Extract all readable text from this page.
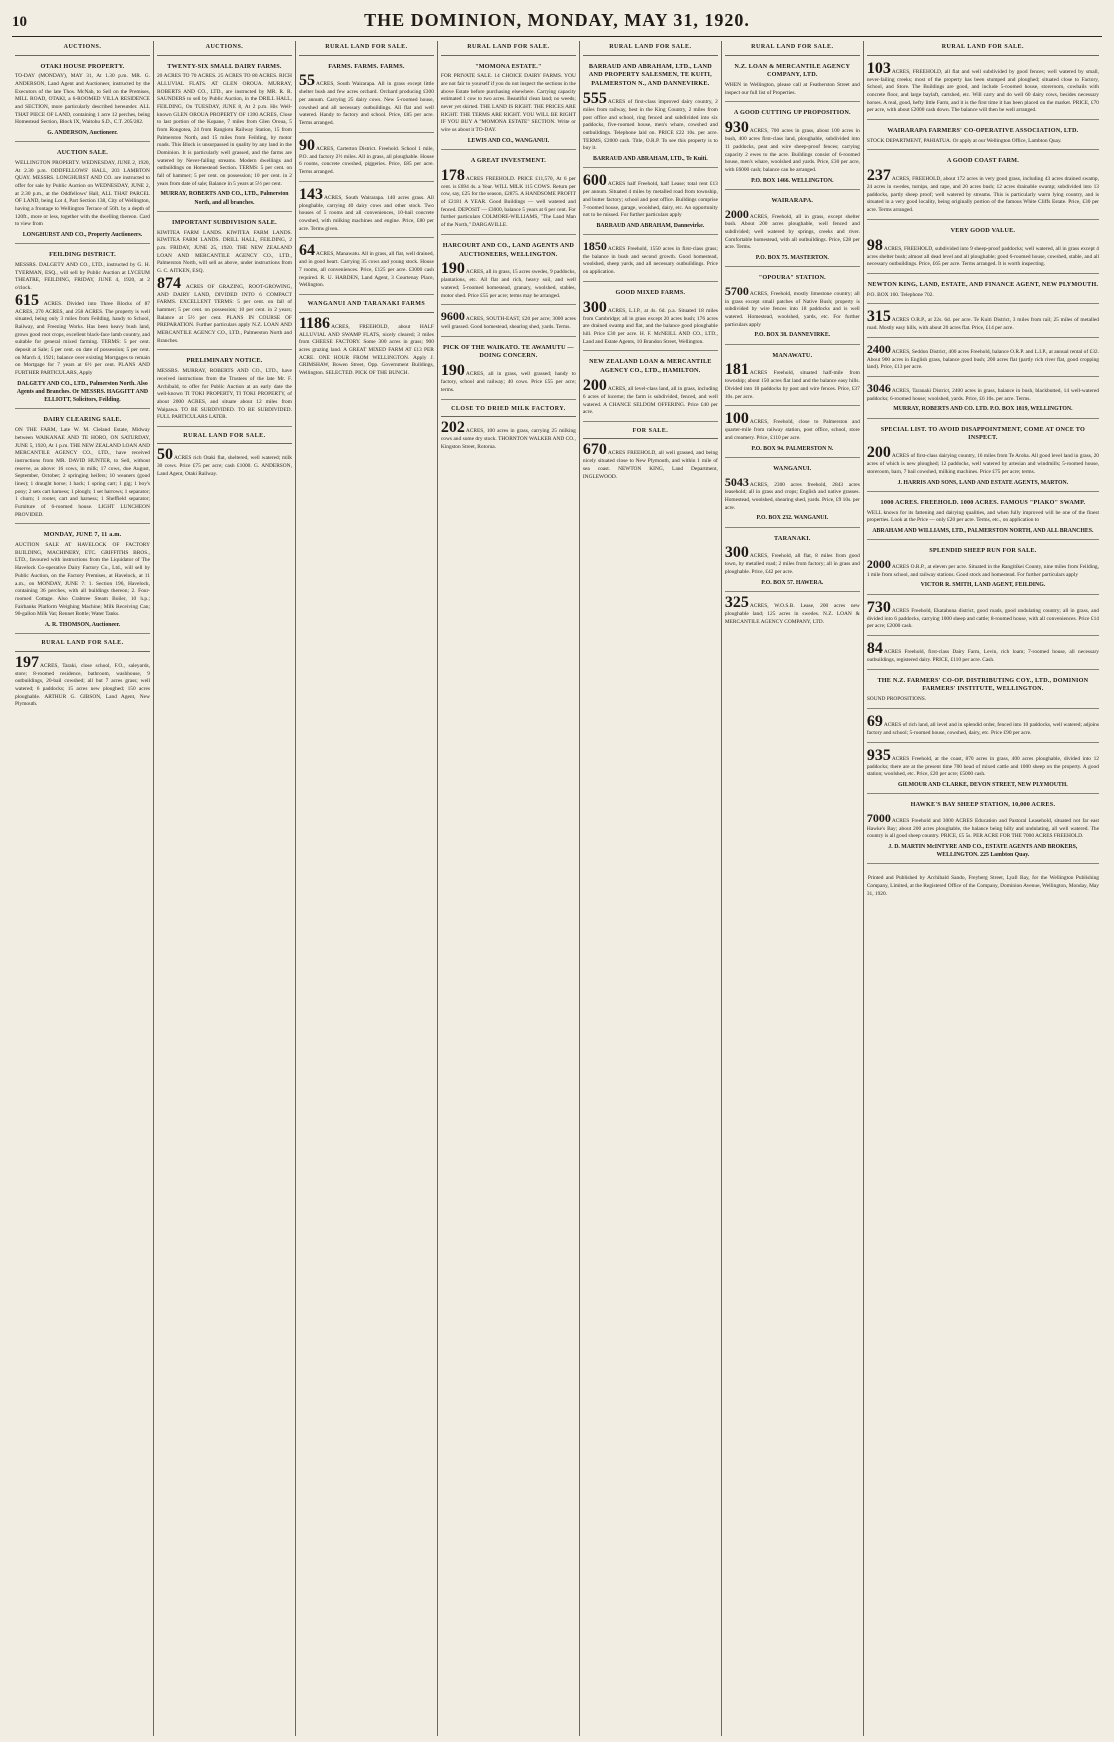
10	THE DOMINION, MONDAY, MAY 31, 1920.
AUCTIONS.
OTAKI HOUSE PROPERTY.

TO-DAY (MONDAY), MAY 31, At 1.30 p.m. MR. G. ANDERSON, Land Agent and Auctioneer, instructed by the Executors of the late Thos. McNab, to Sell on the Premises, MILL ROAD, OTAKI, a 6-ROOMED VILLA RESIDENCE and SECTION, more particularly described hereunder. ALL THAT PIECE OF LAND, containing 1 acre 12 perches, being Homestead Section, Block IX, Waitohu S.D., C.T. 205/282.

G. ANDERSON, Auctioneer.
AUCTION SALE.

WELLINGTON PROPERTY. WEDNESDAY, JUNE 2, 1920, At 2.30 p.m. ODDFELLOWS' HALL, 203 LAMBTON QUAY. MESSRS. LONGHURST AND CO. are instructed to offer for sale by Public Auction on WEDNESDAY, JUNE 2, at 2.30 p.m., at the Oddfellows' Hall, ALL THAT PARCEL OF LAND, being Lot 4, Part Section 138, City of Wellington, having a frontage to Wellington Terrace of 56ft. by a depth of 120ft., more or less, together with the dwelling thereon. Card to view from

LONGHURST AND CO., Property Auctioneers.
FEILDING DISTRICT.

MESSRS. DALGETY AND CO., LTD., instructed by G. H. TYERMAN, ESQ., will sell by Public Auction at LYCEUM THEATRE, FEILDING, FRIDAY, JUNE 4, 1920, at 2 o'clock.

615 ACRES. Divided into Three Blocks of 87 ACRES, 270 ACRES, and 258 ACRES. The property is well situated, being only 3 miles from Feilding, handy to School, Railway, and Freezing Works. Has been heavy bush land, grows good root crops, excellent black-face lamb country, and suitable for general mixed farming. TERMS: 5 per cent. deposit at Sale; 5 per cent. on date of possession; 5 per cent. on March 4, 1921; balance over existing Mortgages to remain on Mortgage for 7 years at 6½ per cent. PLANS AND FURTHER PARTICULARS, Apply

DALGETY AND CO., LTD., Palmerston North. Also Agents and Branches. Or MESSRS. HAGGITT AND ELLIOTT, Solicitors, Feilding.
DAIRY CLEARING SALE.

ON THE FARM, Late W. M. Cleland Estate, Midway between WAIKANAE AND TE HORO, ON SATURDAY, JUNE 5, 1920, At 1 p.m. THE NEW ZEALAND LOAN AND MERCANTILE AGENCY CO., LTD., have received instructions from MR. DAVID HUNTER, to Sell, without reserve, as above: 16 cows, in milk; 17 cows, due August, September, October; 2 springing heifers; 10 weaners (good lines); 1 draught horse; 1 hack; 1 spring cart; 1 gig; 1 boy's pony; 2 sets cart harness; 1 plough; 1 set harrows; 1 separator; 1 churn; 1 rooter, cart and harness; 1 Sheffield separator; Furniture of 6-roomed house. LIGHT LUNCHEON PROVIDED.

MONDAY, JUNE 7, 11 a.m.

AUCTION SALE AT HAVELOCK OF FACTORY BUILDING, MACHINERY, ETC. GRIFFITHS BROS., LTD., favoured with instructions from the Liquidator of The Havelock Co-operative Dairy Factory Co., Ltd., will sell by Public Auction, on the Factory Premises, at Havelock, at 11 a.m., on MONDAY, JUNE 7: 1. Section 196, Havelock, containing 36 perches, with all buildings thereon; 2. Four-roomed Cottage. Also Crabtree Steam Boiler, 10 h.p.; Fairbanks Platform Weighing Machine; Milk Receiving Can; 90-gallon Milk Vat; Rennet Bottle; Water Tanks.

A. R. THOMSON, Auctioneer.
RURAL LAND FOR SALE.

197ACRES, Taraki, close school, F.O., saleyards, store; 8-roomed residence, bathroom, washhouse, 9 outbuildings, 20-bail cowshed; all but 7 acres grass; well watered; 6 paddocks; 15 acres new ploughed; 150 acres ploughable. ARTHUR G. GIBSON, Land Agent, New Plymouth.

AUCTIONS.
TWENTY-SIX SMALL DAIRY FARMS.

20 ACRES TO 70 ACRES. 25 ACRES TO 80 ACRES. RICH ALLUVIAL FLATS. AT GLEN OROUA. MURRAY, ROBERTS AND CO., LTD., are instructed by MR. R. R. SAUNDERS to sell by Public Auction, in the DRILL HALL, FEILDING, On TUESDAY, JUNE 8, At 2 p.m. His Well-known GLEN OROUA PROPERTY OF 1390 ACRES, Close to last portion of the Kopane, 7 miles from Glen Oroua, 5 from Rongotea, 24 from Rangiotu Railway Station, 15 from Palmerston North, and 15 miles from Feilding, by motor roads. This Block is unsurpassed in quality by any land in the Dominion. It is particularly well grassed, and the farms are watered by Never-failing streams. Modern dwellings and outbuildings on Homestead Section. TERMS: 5 per cent. on fall of hammer; 5 per cent. on possession; 10 per cent. in 2 years from date of sale; Balance in 5 years at 5½ per cent.

MURRAY, ROBERTS AND CO., LTD., Palmerston North, and all branches.
IMPORTANT SUBDIVISION SALE.

KIWITEA FARM LANDS. KIWITEA FARM LANDS. KIWITEA FARM LANDS. DRILL HALL, FEILDING, 2 p.m. FRIDAY, JUNE 25, 1920. THE NEW ZEALAND LOAN AND MERCANTILE AGENCY CO., LTD., Palmerston North, will sell as above, under instructions from G. C. AITKEN, ESQ.

874 ACRES OF GRAZING, ROOT-GROWING, AND DAIRY LAND, DIVIDED INTO 6 COMPACT FARMS. EXCELLENT TERMS: 5 per cent. on fall of hammer; 5 per cent. on possession; 10 per cent. in 2 years; Balance at 5½ per cent. PLANS IN COURSE OF PREPARATION. Further particulars apply N.Z. LOAN AND MERCANTILE AGENCY CO., LTD., Palmerston North and Branches.

PRELIMINARY NOTICE.

MESSRS. MURRAY, ROBERTS AND CO., LTD., have received instructions from the Trustees of the late Mr. F. Archibald, to offer for Public Auction at an early date the well-known TI TOKI PROPERTY, TI TOKI PROPERTY, of about 2000 ACRES, and situate about 12 miles from Waipawa. TO BE SUBDIVIDED. TO BE SUBDIVIDED. FULL PARTICULARS LATER.

RURAL LAND FOR SALE.

50ACRES rich Otaki flat, sheltered, well watered; milk 30 cows. Price £75 per acre; cash £1000. G. ANDERSON, Land Agent, Otaki Railway.

RURAL LAND FOR SALE.
FARMS. FARMS. FARMS.

55ACRES, South Wairarapa. All in grass except little shelter bush and few acres orchard. Orchard producing £300 per annum. Carrying 25 dairy cows. New 5-roomed house, cowshed and all necessary outbuildings. All flat and well watered. Handy to factory and school. Price, £85 per acre. Terms arranged.

90ACRES, Carterton District. Freehold. School 1 mile, P.O. and factory 2½ miles. All in grass, all ploughable. House 6 rooms, concrete cowshed, piggeries. Price, £85 per acre. Terms arranged.

143ACRES, South Wairarapa. 140 acres grass. All ploughable, carrying 40 dairy cows and other stock. Two houses of 5 rooms and all conveniences, 10-bail concrete cowshed, with milking machines and engine. Price, £80 per acre. Terms given.

64ACRES, Manawatu. All in grass, all flat, well drained, and in good heart. Carrying 35 cows and young stock. House 7 rooms, all conveniences. Price, £125 per acre. £3000 cash required. R. U. HARDEN, Land Agent, 3 Courtenay Place, Wellington.

WANGANUI AND TARANAKI FARMS

1186ACRES, FREEHOLD, about HALF ALLUVIAL AND SWAMP FLATS, nicely cleared; 3 miles from CHEESE FACTORY. Some 300 acres in grass; 900 acres grazing land. A GREAT MIXED FARM AT £13 PER ACRE. ONE HOUR FROM WELLINGTON. Apply J. GRIMSHAW, Bowen Street, Opp. Government Buildings, Wellington. SELECTED. PICK OF THE BUNCH.

RURAL LAND FOR SALE.
"MOMONA ESTATE."

FOR PRIVATE SALE. 14 CHOICE DAIRY FARMS. YOU are not fair to yourself if you do not inspect the sections in the above Estate before purchasing elsewhere. Carrying capacity estimated 1 cow to two acres. Beautiful clean land; no weeds; never yet skirted. THE LAND IS RIGHT. THE PRICES ARE RIGHT. THE TERMS ARE RIGHT. YOU WILL BE RIGHT IF YOU BUY A "MOMONA ESTATE" SECTION. Write or wire us about it TO-DAY.

LEWIS AND CO., WANGANUI.
A GREAT INVESTMENT.

178ACRES FREEHOLD. PRICE £11,570, At 6 per cent. is £694 4s. a Year. WILL MILK 115 COWS. Return per cow, say, £25 for the season, £2875. A HANDSOME PROFIT of £2181 A YEAR. Good Buildings — well watered and fenced. DEPOSIT — £3000, balance 5 years at 6 per cent. For further particulars COLMORE-WILLIAMS, "The Land Man of the North," DARGAVILLE.

HARCOURT AND CO., LAND AGENTS AND AUCTIONEERS, WELLINGTON.

190ACRES, all in grass, 15 acres swedes, 9 paddocks, plantations, etc. All flat and rich, heavy soil, and well watered; 5-roomed homestead, granary, woolshed, stables, motor shed. Price £55 per acre; terms may be arranged.

9600ACRES, SOUTH-EAST, £20 per acre; 3000 acres well grassed. Good homestead, shearing shed, yards. Terms.

PICK OF THE WAIKATO. TE AWAMUTU — DOING CONCERN.

190ACRES, all in grass, well grassed; handy to factory, school and railway; 40 cows. Price £55 per acre; terms.

CLOSE TO DRIED MILK FACTORY.

202ACRES, 100 acres in grass, carrying 25 milking cows and some dry stock. THORNTON WALKER AND CO., Kingston Street, Rotorua.

RURAL LAND FOR SALE.
BARRAUD AND ABRAHAM, LTD., LAND AND PROPERTY SALESMEN, TE KUITI, PALMERSTON N., AND DANNEVIRKE.

555ACRES of first-class improved dairy country, 2 miles from railway, best in the King Country, 2 miles from post office and school, ring fenced and subdivided into six paddocks, five-roomed house, men's whare, cowshed and outbuildings. Telephone laid on. PRICE £22 10s. per acre. TERMS, £2000 cash. Title, O.R.P. To see this property is to buy it.

BARRAUD AND ABRAHAM, LTD., Te Kuiti.

600ACRES half Freehold, half Lease; total rent £13 per annum. Situated 4 miles by metalled road from township, and butter factory; school and post office. Buildings comprise 7-roomed house, garage, woolshed, dairy, etc. An opportunity not to be missed. For further particulars apply

BARRAUD AND ABRAHAM, Dannevirke.

1850ACRES Freehold, 1550 acres in first-class grass; the balance in bush and second growth. Good homestead, woolshed, sheep yards, and all necessary outbuildings. Price on application.

GOOD MIXED FARMS.

300ACRES, L.I.P., at 4s. 6d. p.a. Situated 18 miles from Cambridge; all in grass except 20 acres bush; 176 acres are drained swamp and flat, and the balance good ploughable hill. Price £30 per acre. H. F. McNEILL AND CO., LTD., Land and Estate Agents, 10 Brandon Street, Wellington.

NEW ZEALAND LOAN & MERCANTILE AGENCY CO., LTD., HAMILTON.

200ACRES, all level-class land, all in grass, including 6 acres of lucerne; the farm is subdivided, fenced, and well watered. A CHANCE SELDOM OFFERING. Price £40 per acre.

FOR SALE.

670ACRES FREEHOLD, all well grassed, and being nicely situated close to New Plymouth, and within 1 mile of sea coast. NEWTON KING, Land Department, INGLEWOOD.

RURAL LAND FOR SALE.
N.Z. LOAN & MERCANTILE AGENCY COMPANY, LTD.

WHEN in Wellington, please call at Featherston Street and inspect our full list of Properties.

A GOOD CUTTING UP PROPOSITION.

930ACRES, 700 acres in grass, about 100 acres in bush, 400 acres first-class land, ploughable, subdivided into 11 paddocks, peat and wire sheep-proof fences; carrying capacity 2 ewes to the acre. Buildings consist of 6-roomed house, men's whare, woolshed and yards. Price, £30 per acre, with £6000 cash; balance can be arranged.

P.O. BOX 1466. WELLINGTON.
WAIRARAPA.

2000ACRES, Freehold, all in grass, except shelter bush. About 200 acres ploughable, well fenced and subdivided; well watered by springs, creeks and river. Comfortable homestead, with all outbuildings. Price, £28 per acre. Terms.

P.O. BOX 75. MASTERTON.
"OPOURA" STATION.

5700ACRES, Freehold, mostly limestone country; all in grass except small patches of Native Bush; property is subdivided by wire fences into 18 paddocks and is well watered. Homestead, woolshed, yards, etc. For further particulars apply

P.O. BOX 38. DANNEVIRKE.
MANAWATU.

181ACRES Freehold, situated half-mile from township; about 150 acres flat land and the balance easy hills. Divided into 18 paddocks by post and wire fences. Price, £37 10s. per acre.

100ACRES, Freehold, close to Palmerston and quarter-mile from railway station, post office, school, store and creamery. Price, £110 per acre.

P.O. BOX 94. PALMERSTON N.
WANGANUI.

5043ACRES, 2300 acres freehold, 2843 acres leasehold; all in grass and crops; English and native grasses. Homestead, woolshed, shearing shed, yards. Price, £9 10s. per acre.

P.O. BOX 232. WANGANUI.
TARANAKI.

300ACRES, Freehold, all flat, 8 miles from good town, by metalled road; 2 miles from factory; all in grass and ploughable. Price, £42 per acre.

P.O. BOX 57. HAWERA.

325ACRES, W.O.S.B. Lease, 200 acres new ploughable land; 125 acres in swedes. N.Z. LOAN & MERCANTILE AGENCY COMPANY, LTD.

RURAL LAND FOR SALE.

103ACRES, FREEHOLD, all flat and well subdivided by good fences; well watered by small, never-failing creeks; most of the property has been stumped and ploughed; situated close to Factory, School, and Store. The Buildings are good, and include 5-roomed house, storeroom, cowbails with concrete floor, and large baylaft, cartshed, etc. Will carry and do well 60 dairy cows, besides necessary horses. A real, good, hefty little Farm, and it is the first time it has been placed on the market. PRICE, £70 per acre, with about £2000 cash down. The balance will then be well arranged.

WAIRARAPA FARMERS' CO-OPERATIVE ASSOCIATION, LTD.

STOCK DEPARTMENT, PAHIATUA. Or apply at our Wellington Office, Lambton Quay.

A GOOD COAST FARM.

237ACRES, FREEHOLD, about 172 acres in very good grass, including 43 acres drained swamp, 24 acres in swedes, turnips, and rape, and 20 acres bush; 12 acres drainable swamp; subdivided into 13 paddocks, partly sheep proof; well watered by streams. This is particularly warm lying country, and is situated in a very good locality, being originally portion of the famous White Cliffs Estate. Price, £30 per acre. Terms arranged.

VERY GOOD VALUE.

98ACRES, FREEHOLD, subdivided into 9 sheep-proof paddocks; well watered, all in grass except 4 acres shelter bush; almost all dead level and all ploughable; good 6-roomed house, cowshed, stable, and all necessary outbuildings. Price, £65 per acre. Terms arranged. It is worth inspecting.

NEWTON KING, LAND, ESTATE, AND FINANCE AGENT, NEW PLYMOUTH.

P.O. BOX 160. Telephone 702.

315ACRES O.R.P., at 22s. 6d. per acre. Te Kuiti District, 3 miles from rail; 25 miles of metalled road. Mostly easy hills, with about 20 acres flat. Price, £14 per acre.

2400ACRES, Seddon District, 400 acres Freehold, balance O.R.P. and L.I.P., at annual rental of £32. About 900 acres in English grass, balance good bush; 200 acres flat (partly rich river flat, good cropping land). Price, £13 per acre.

3046ACRES, Taranaki District, 2400 acres in grass, balance in bush, blackbutted, 14 well-watered paddocks; 6-roomed house; woolshed, yards. Price, £6 10s. per acre. Terms.

MURRAY, ROBERTS AND CO. LTD. P.O. BOX 1819, WELLINGTON.
SPECIAL LIST. TO AVOID DISAPPOINTMENT, COME AT ONCE TO INSPECT.

200ACRES of first-class dairying country, 16 miles from Te Aroha. All good level land in grass, 20 acres of which is new ploughed; 12 paddocks, well watered by artesian and windmills; 5-roomed house, storeroom, barn, 7 bail cowshed, milking machines. Price £75 per acre; terms.

J. HARRIS AND SONS, LAND AND ESTATE AGENTS, MARTON.
1000 ACRES. FREEHOLD. 1000 ACRES. FAMOUS "PIAKO" SWAMP.

WELL known for its fattening and dairying qualities, and when fully improved will be one of the finest properties. Look at the Price — only £20 per acre. Terms, etc., on application to

ABRAHAM AND WILLIAMS, LTD., PALMERSTON NORTH, AND ALL BRANCHES.
SPLENDID SHEEP RUN FOR SALE.

2000ACRES O.R.P., at eleven per acre. Situated in the Rangitikei County, nine miles from Feilding, 1 mile from school, and railway stations. Good stock and homestead. For further particulars apply

VICTOR R. SMITH, LAND AGENT, FEILDING.

730ACRES Freehold, Ekatahuna district, good roads, good undulating country; all in grass, and divided into 6 paddocks, carrying 1000 sheep and cattle; 8-roomed house, with all conveniences. Price £14 per acre; £2000 cash.

84ACRES Freehold, first-class Dairy Farm, Levin, rich loam; 7-roomed house, all necessary outbuildings, registered dairy. PRICE, £110 per acre. Cash.

THE N.Z. FARMERS' CO-OP. DISTRIBUTING COY., LTD., DOMINION FARMERS' INSTITUTE, WELLINGTON.

SOUND PROPOSITIONS.

69ACRES of rich land, all level and in splendid order, fenced into 10 paddocks, well watered; adjoins factory and school; 5-roomed house, cowshed, dairy, etc. Price £90 per acre.

935ACRES Freehold, at the coast, 870 acres in grass, 400 acres ploughable, divided into 12 paddocks; there are at the present time 700 head of mixed cattle and 1000 sheep on the property. A good station; woolshed, etc. Price, £20 per acre; £5000 cash.

GILMOUR AND CLARKE, DEVON STREET, NEW PLYMOUTH.
HAWKE'S BAY SHEEP STATION, 10,000 ACRES.

7000ACRES Freehold and 3000 ACRES Education and Pastoral Leasehold, situated not far east Hawke's Bay; about 200 acres ploughable, the balance being hilly and undulating, all well watered. The country is all good sheep country. PRICE, £5 5s. PER ACRE FOR THE 7000 ACRES FREEHOLD.

J. D. MARTIN McINTYRE AND CO., ESTATE AGENTS AND BROKERS, WELLINGTON. 225 Lambton Quay.

Printed and Published by Archibald Sando, Freyberg Street, Lyall Bay, for the Wellington Publishing Company, Limited, at the Registered Office of the Company, Dominion Avenue, Wellington, Monday, May 31, 1920.
